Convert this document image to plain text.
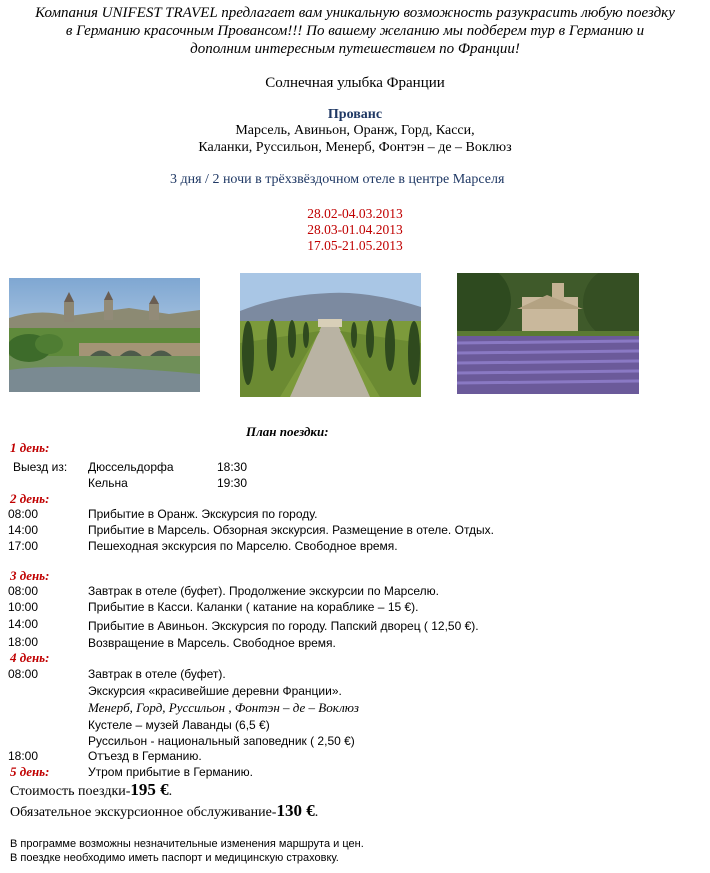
Компания UNIFEST TRAVEL предлагает вам уникальную возможность разукрасить любую поездку
в Германию красочным Провансом!!! По вашему желанию мы подберем тур в Германию и
дополним интересным путешествием по Франции!
Солнечная улыбка Франции
Прованс
Марсель, Авиньон, Оранж, Горд, Касси,
Каланки, Руссильон, Менерб, Фонтэн – де – Воклюз
3 дня / 2 ночи в трёхзвёздочном отеле в центре Марселя
28.02-04.03.2013
28.03-01.04.2013
17.05-21.05.2013
План поездки:
1 день:
Выезд из: Дюссельдорфа	18:30
Кельна	19:30
2 день:
08:00	Прибытие в Оранж. Экскурсия по городу.
14:00	Прибытие в Марсель. Обзорная экскурсия. Размещение в отеле. Отдых.
17:00	Пешеходная экскурсия по Марселю. Свободное время.
3 день:
08:00	Завтрак в отеле (буфет). Продолжение экскурсии по Марселю.
10:00	Прибытие в Касси. Каланки ( катание на кораблике – 15 €).
14:00	Прибытие в Авиньон. Экскурсия по городу. Папский дворец ( 12,50 €).
18:00	Возвращение в Марсель. Свободное время.
4 день:
08:00	Завтрак в отеле (буфет).
Экскурсия «красивейшие деревни Франции».
Менерб, Горд, Руссильон , Фонтэн – де – Воклюз
Кустеле – музей Лаванды (6,5 €)
Руссильон - национальный заповедник ( 2,50 €)
18:00	Отъезд в Германию.
5 день:	Утром прибытие в Германию.
Стоимость поездки-195 €.
Обязательное экскурсионное обслуживание-130 €.
В программе возможны незначительные изменения маршрута и цен.
В поездке необходимо иметь паспорт и медицинскую страховку.
